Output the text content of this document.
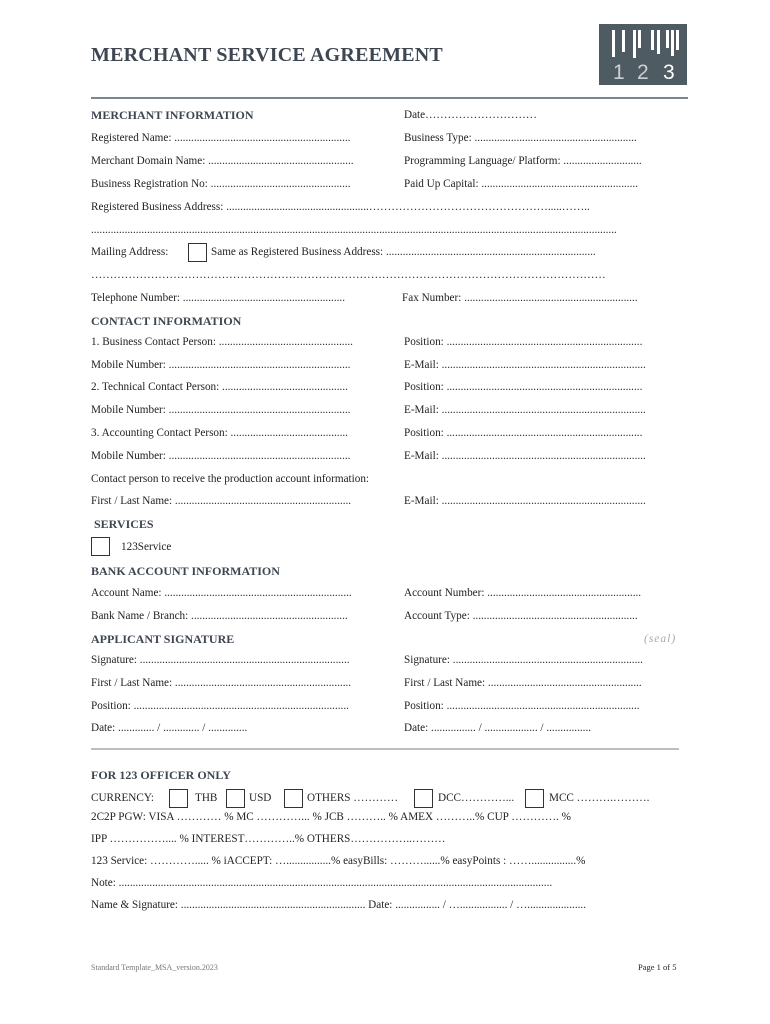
MERCHANT SERVICE AGREEMENT
1 2 3
MERCHANT INFORMATION	Date…………………………
Registered Name: ...............................................................	Business Type: ..........................................................
Merchant Domain Name: ....................................................	Programming Language/ Platform: ............................
Business Registration No: ..................................................	Paid Up Capital: ........................................................
Registered Business Address: ...................................................………………………………………….....……..
............................................................................................................................................................................................
Mailing Address:	Same as Registered Business Address: ...........................................................................
…………………………………………………………………………………………………………………………
Telephone Number: ..........................................................	Fax Number: ..............................................................
CONTACT INFORMATION
1. Business Contact Person: ................................................	Position: ......................................................................
Mobile Number: .................................................................	E-Mail: .........................................................................
2. Technical Contact Person: .............................................	Position: ......................................................................
Mobile Number: .................................................................	E-Mail: .........................................................................
3. Accounting Contact Person: ..........................................	Position: ......................................................................
Mobile Number: .................................................................	E-Mail: .........................................................................
Contact person to receive the production account information:
First / Last Name: ...............................................................	E-Mail: .........................................................................
SERVICES
123Service
BANK ACCOUNT INFORMATION
Account Name: ...................................................................	Account Number: .......................................................
Bank Name / Branch: ........................................................	Account Type: ...........................................................
APPLICANT SIGNATURE	(seal)
Signature: ...........................................................................	Signature: ....................................................................
First / Last Name: ...............................................................	First / Last Name: .......................................................
Position: .............................................................................	Position: .....................................................................
Date: ............. / ............. / ..............	Date: ................ / ................... / ................
FOR 123 OFFICER ONLY
CURRENCY:	THB	USD	OTHERS …………	DCC…………...	MCC ……….……….
2C2P PGW: VISA ………… % MC …………... % JCB ……….. % AMEX ………..% CUP …………. %
IPP …………….... % INTEREST…………..% OTHERS……………..………
123 Service: …………..... % iACCEPT: …................% easyBills: ………......% easyPoints : ……................%
Note: ...........................................................................................................................................................
Name & Signature: .................................................................. Date: ................ / …................. / ….....................
Standard Template_MSA_version.2023	Page 1 of 5
